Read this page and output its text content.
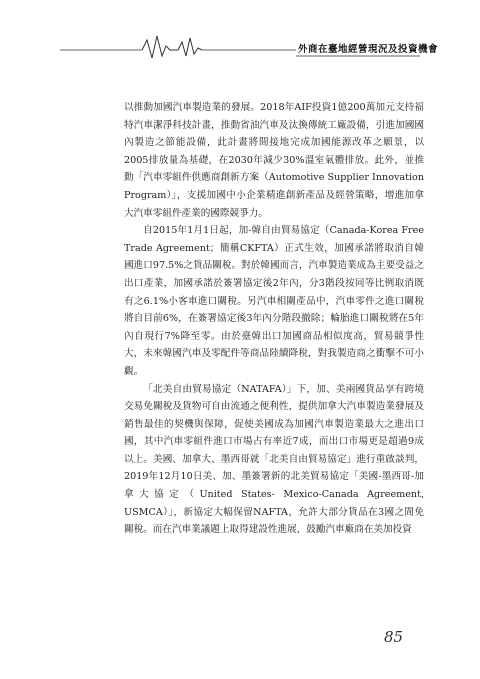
外商在臺地經營現況及投資機會

以推動加國汽車製造業的發展。2018年AIF投資1億200萬加元支持福特汽車潔淨科技計畫，推動省油汽車及汰換傳統工廠設備，引進加國國內製造之節能設備，此計畫將間接地完成加國能源改革之願景，以2005排放量為基礎，在2030年減少30%溫室氣體排放。此外，並推動「汽車零組件供應商創新方案（Automotive Supplier Innovation Program）」，支援加國中小企業精進創新產品及經營策略，增進加拿大汽車零組件產業的國際競爭力。

自2015年1月1日起，加-韓自由貿易協定（Canada-Korea Free Trade Agreement；簡稱CKFTA）正式生效，加國承諾將取消自韓國進口97.5%之貨品關稅。對於韓國而言，汽車製造業成為主要受益之出口產業，加國承諾於簽署協定後2年內，分3階段按同等比例取消既有之6.1%小客車進口關稅。另汽車相關產品中，汽車零件之進口關稅將自目前6%，在簽署協定後3年內分階段撤除；輪胎進口關稅將在5年內自現行7%降至零。由於臺韓出口加國商品相似度高，貿易競爭性大，未來韓國汽車及零配件等商品陸續降稅，對我製造商之衝擊不可小覷。

「北美自由貿易協定（NATAFA）」下，加、美兩國貨品享有跨境交易免關稅及貨物可自由流通之便利性，提供加拿大汽車製造業發展及銷售最佳的契機與保障，促使美國成為加國汽車製造業最大之進出口國，其中汽車零組件進口市場占有率近7成，而出口市場更是超過9成以上。美國、加拿大、墨西哥就「北美自由貿易協定」進行重啟談判，2019年12月10日美、加、墨簽署新的北美貿易協定「美國-墨西哥-加拿大協定（United States- Mexico-Canada Agreement, USMCA）」，新協定大幅保留NAFTA，允許大部分貨品在3國之間免關稅。而在汽車業議題上取得建設性進展，鼓勵汽車廠商在美加投資

85
